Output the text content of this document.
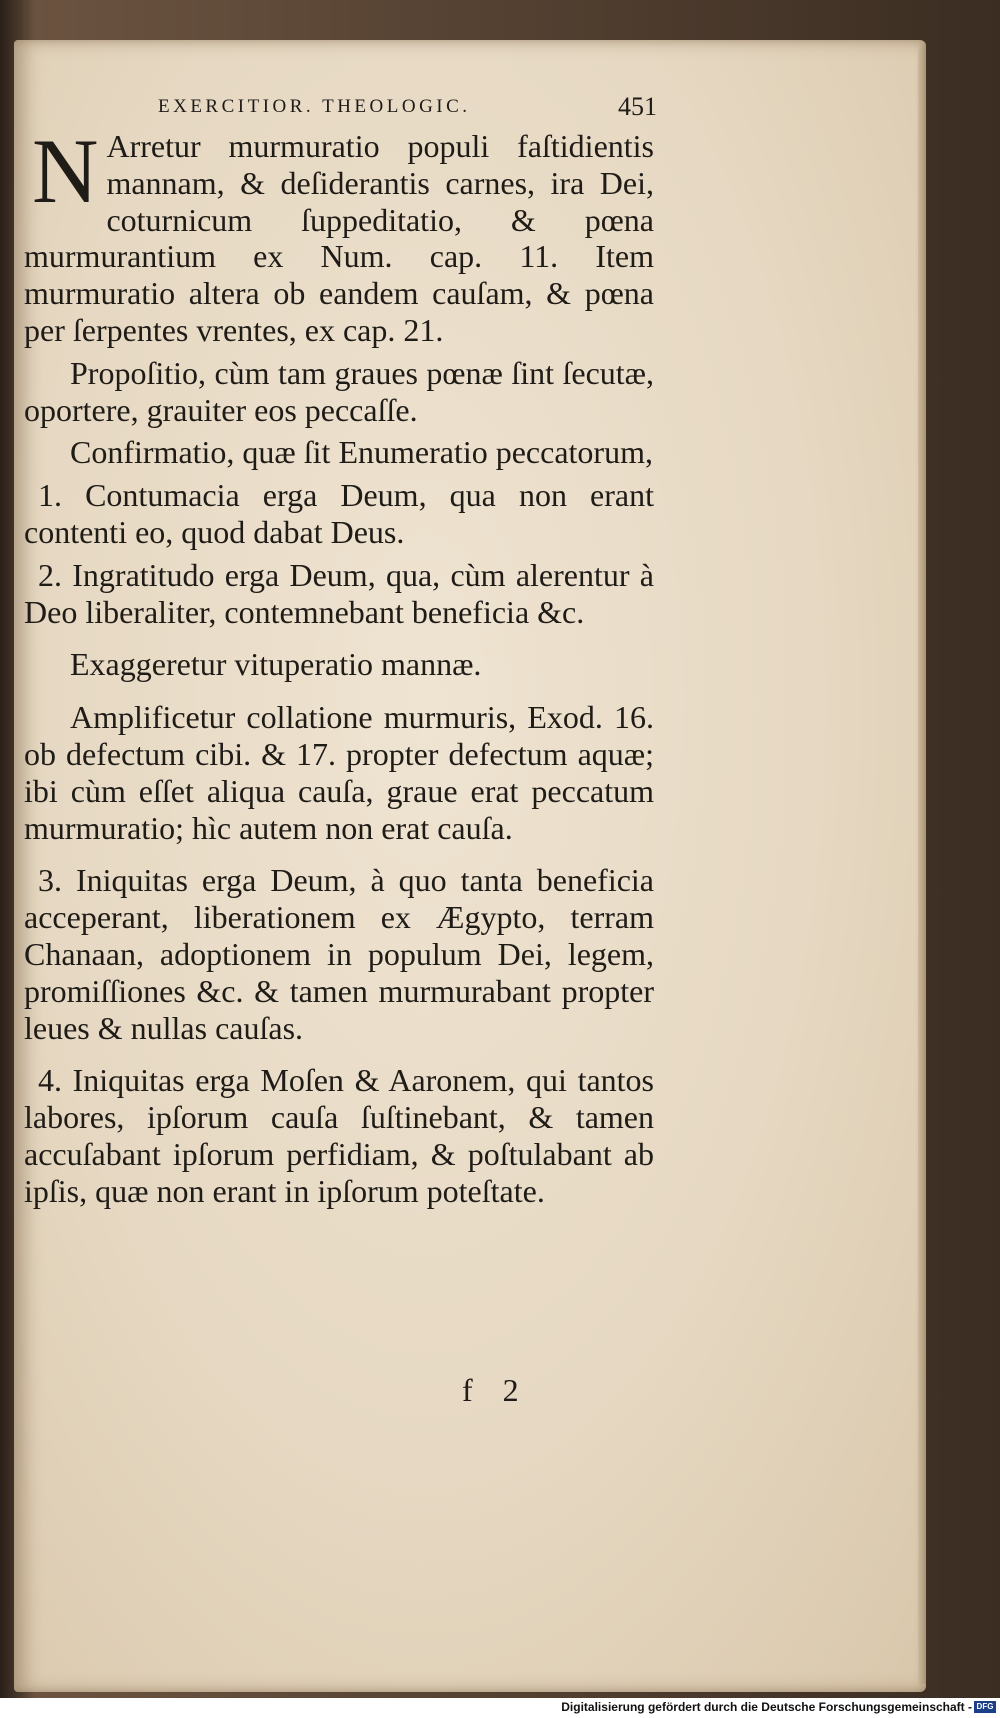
EXERCITIOR. THEOLOGIC.	451

N Arretur murmuratio populi faſtidientis mannam, & deſiderantis carnes, ira Dei, coturnicum ſuppeditatio, & pœna murmurantium ex Num. cap. 11. Item murmuratio altera ob eandem cauſam, & pœna per ſerpentes vrentes, ex cap. 21.

Propoſitio, cùm tam graues pœnæ ſint ſecutæ, oportere, grauiter eos peccaſſe.

Confirmatio, quæ ſit Enumeratio peccatorum,

1. Contumacia erga Deum, qua non erant contenti eo, quod dabat Deus.

2. Ingratitudo erga Deum, qua, cùm alerentur à Deo liberaliter, contemnebant beneficia &c.

Exaggeretur vituperatio mannæ.

Amplificetur collatione murmuris, Exod. 16. ob defectum cibi. & 17. propter defectum aquæ; ibi cùm eſſet aliqua cauſa, graue erat peccatum murmuratio; hìc autem non erat cauſa.

3. Iniquitas erga Deum, à quo tanta beneficia acceperant, liberationem ex Ægypto, terram Chanaan, adoptionem in populum Dei, legem, promiſſiones &c. & tamen murmurabant propter leues & nullas cauſas.

4. Iniquitas erga Moſen & Aaronem, qui tantos labores, ipſorum cauſa ſuſtinebant, & tamen accuſabant ipſorum perfidiam, & poſtulabant ab ipſis, quæ non erant in ipſorum poteſtate.

f 2
Digitalisierung gefördert durch die Deutsche Forschungsgemeinschaft - DFG
